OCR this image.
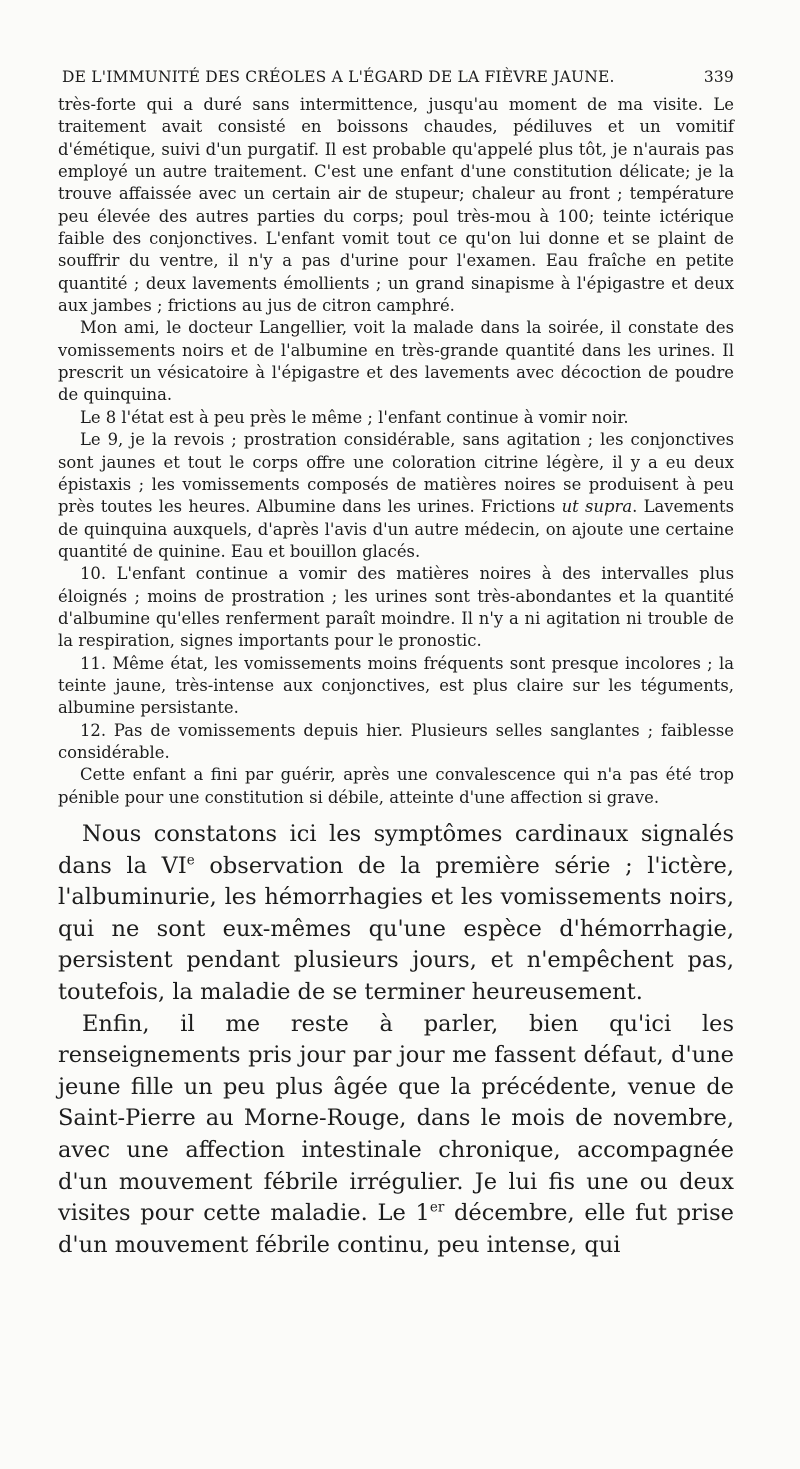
DE L'IMMUNITÉ DES CRÉOLES A L'ÉGARD DE LA FIÈVRE JAUNE.	339

très-forte qui a duré sans intermittence, jusqu'au moment de ma visite. Le traitement avait consisté en boissons chaudes, pédiluves et un vomitif d'émétique, suivi d'un purgatif. Il est probable qu'appelé plus tôt, je n'aurais pas employé un autre traitement. C'est une enfant d'une constitution délicate; je la trouve affaissée avec un certain air de stupeur; chaleur au front ; température peu élevée des autres parties du corps; poul très-mou à 100; teinte ictérique faible des conjonctives. L'enfant vomit tout ce qu'on lui donne et se plaint de souffrir du ventre, il n'y a pas d'urine pour l'examen. Eau fraîche en petite quantité ; deux lavements émollients ; un grand sinapisme à l'épigastre et deux aux jambes ; frictions au jus de citron camphré.

Mon ami, le docteur Langellier, voit la malade dans la soirée, il constate des vomissements noirs et de l'albumine en très-grande quantité dans les urines. Il prescrit un vésicatoire à l'épigastre et des lavements avec décoction de poudre de quinquina.

Le 8 l'état est à peu près le même ; l'enfant continue à vomir noir.

Le 9, je la revois ; prostration considérable, sans agitation ; les conjonctives sont jaunes et tout le corps offre une coloration citrine légère, il y a eu deux épistaxis ; les vomissements composés de matières noires se produisent à peu près toutes les heures. Albumine dans les urines. Frictions ut supra. Lavements de quinquina auxquels, d'après l'avis d'un autre médecin, on ajoute une certaine quantité de quinine. Eau et bouillon glacés.

10. L'enfant continue a vomir des matières noires à des intervalles plus éloignés ; moins de prostration ; les urines sont très-abondantes et la quantité d'albumine qu'elles renferment paraît moindre. Il n'y a ni agitation ni trouble de la respiration, signes importants pour le pronostic.

11. Même état, les vomissements moins fréquents sont presque incolores ; la teinte jaune, très-intense aux conjonctives, est plus claire sur les téguments, albumine persistante.

12. Pas de vomissements depuis hier. Plusieurs selles sanglantes ; faiblesse considérable.

Cette enfant a fini par guérir, après une convalescence qui n'a pas été trop pénible pour une constitution si débile, atteinte d'une affection si grave.

Nous constatons ici les symptômes cardinaux signalés dans la VIe observation de la première série ; l'ictère, l'albuminurie, les hémorrhagies et les vomissements noirs, qui ne sont eux-mêmes qu'une espèce d'hémorrhagie, persistent pendant plusieurs jours, et n'empêchent pas, toutefois, la maladie de se terminer heureusement.

Enfin, il me reste à parler, bien qu'ici les renseignements pris jour par jour me fassent défaut, d'une jeune fille un peu plus âgée que la précédente, venue de Saint-Pierre au Morne-Rouge, dans le mois de novembre, avec une affection intestinale chronique, accompagnée d'un mouvement fébrile irrégulier. Je lui fis une ou deux visites pour cette maladie. Le 1er décembre, elle fut prise d'un mouvement fébrile continu, peu intense, qui
